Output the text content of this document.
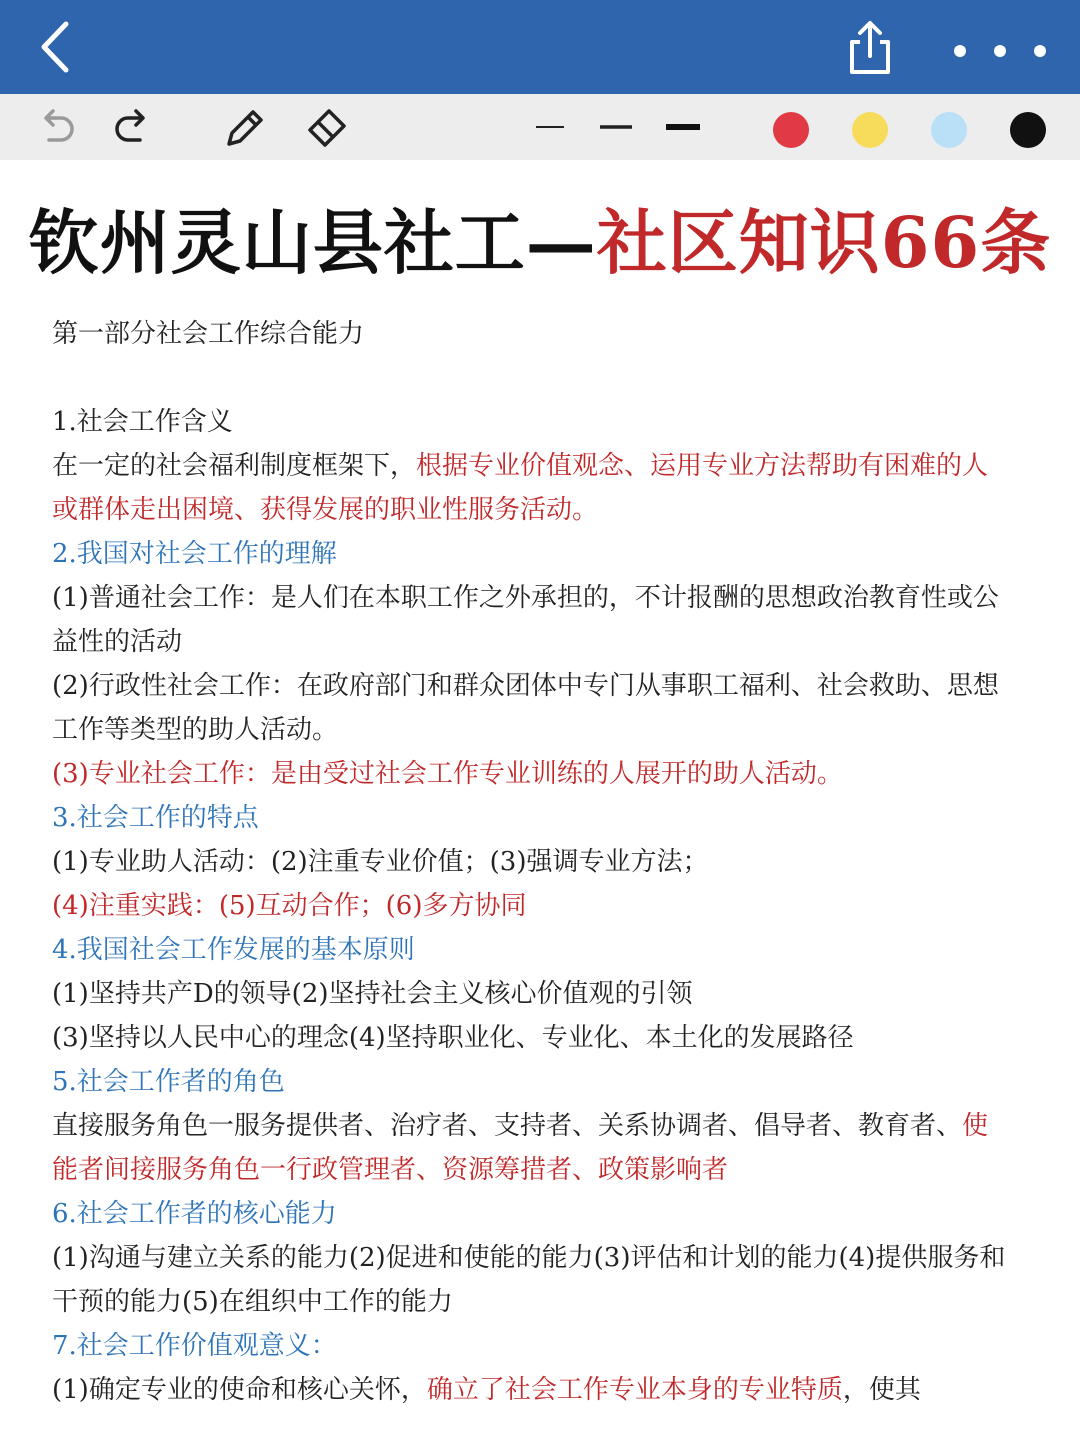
钦州灵山县社工—社区知识66条
第一部分社会工作综合能力
1.社会工作含义
在一定的社会福利制度框架下，根据专业价值观念、运用专业方法帮助有困难的人
或群体走出困境、获得发展的职业性服务活动。
2.我国对社会工作的理解
(1)普通社会工作：是人们在本职工作之外承担的，不计报酬的思想政治教育性或公
益性的活动
(2)行政性社会工作：在政府部门和群众团体中专门从事职工福利、社会救助、思想
工作等类型的助人活动。
(3)专业社会工作：是由受过社会工作专业训练的人展开的助人活动。
3.社会工作的特点
(1)专业助人活动：(2)注重专业价值；(3)强调专业方法；
(4)注重实践：(5)互动合作；(6)多方协同
4.我国社会工作发展的基本原则
(1)坚持共产D的领导(2)坚持社会主义核心价值观的引领
(3)坚持以人民中心的理念(4)坚持职业化、专业化、本土化的发展路径
5.社会工作者的角色
直接服务角色一服务提供者、治疗者、支持者、关系协调者、倡导者、教育者、使
能者间接服务角色一行政管理者、资源筹措者、政策影响者
6.社会工作者的核心能力
(1)沟通与建立关系的能力(2)促进和使能的能力(3)评估和计划的能力(4)提供服务和
干预的能力(5)在组织中工作的能力
7.社会工作价值观意义：
(1)确定专业的使命和核心关怀，确立了社会工作专业本身的专业特质，使其
